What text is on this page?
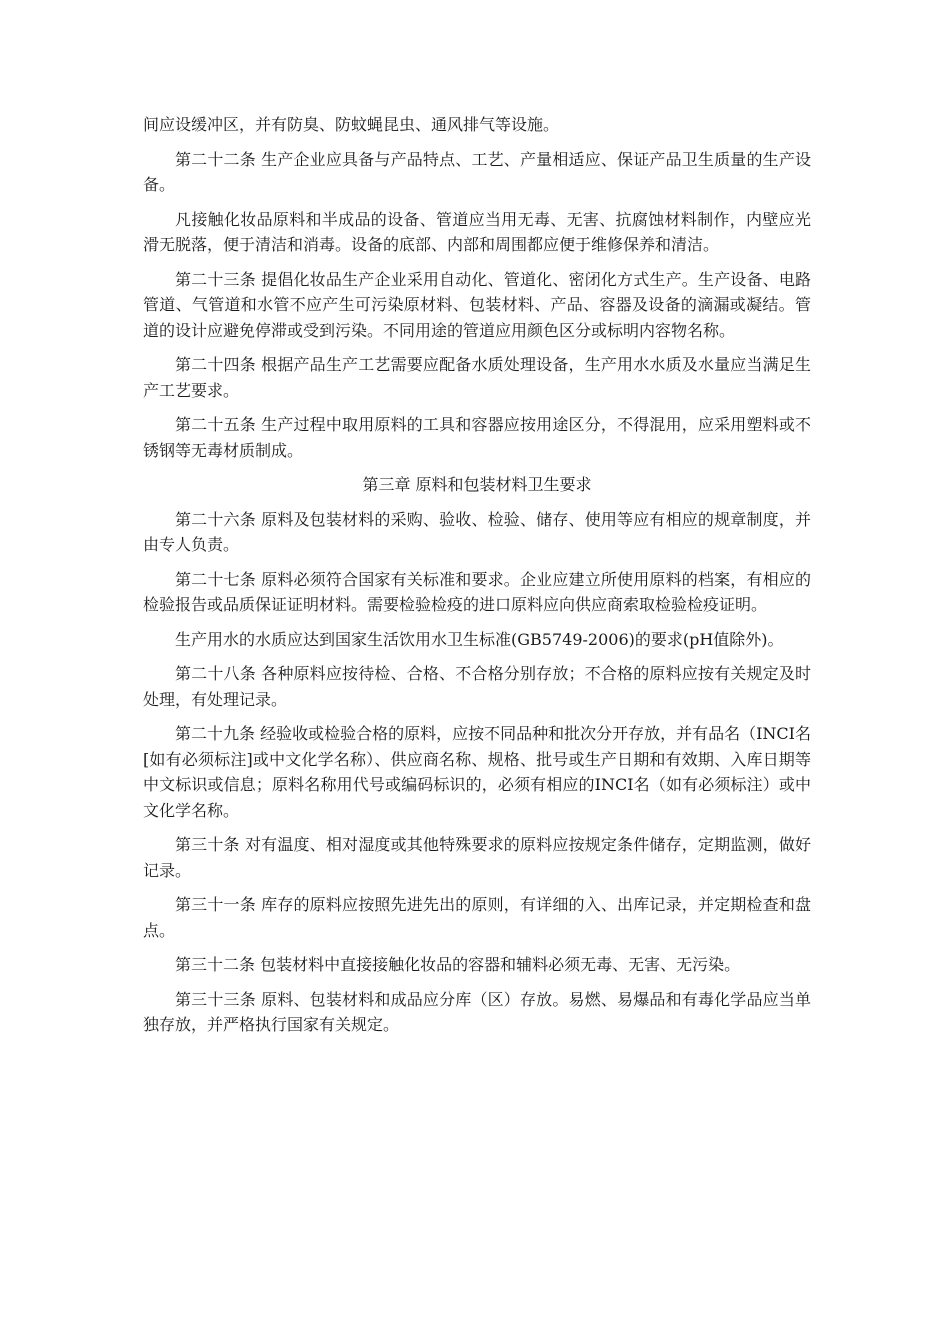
间应设缓冲区，并有防臭、防蚊蝇昆虫、通风排气等设施。

第二十二条 生产企业应具备与产品特点、工艺、产量相适应、保证产品卫生质量的生产设备。

凡接触化妆品原料和半成品的设备、管道应当用无毒、无害、抗腐蚀材料制作，内壁应光滑无脱落，便于清洁和消毒。设备的底部、内部和周围都应便于维修保养和清洁。

第二十三条 提倡化妆品生产企业采用自动化、管道化、密闭化方式生产。生产设备、电路管道、气管道和水管不应产生可污染原材料、包装材料、产品、容器及设备的滴漏或凝结。管道的设计应避免停滞或受到污染。不同用途的管道应用颜色区分或标明内容物名称。

第二十四条 根据产品生产工艺需要应配备水质处理设备，生产用水水质及水量应当满足生产工艺要求。

第二十五条 生产过程中取用原料的工具和容器应按用途区分，不得混用，应采用塑料或不锈钢等无毒材质制成。

第三章 原料和包装材料卫生要求

第二十六条 原料及包装材料的采购、验收、检验、储存、使用等应有相应的规章制度，并由专人负责。

第二十七条 原料必须符合国家有关标准和要求。企业应建立所使用原料的档案，有相应的检验报告或品质保证证明材料。需要检验检疫的进口原料应向供应商索取检验检疫证明。

生产用水的水质应达到国家生活饮用水卫生标准(GB5749-2006)的要求(pH值除外)。

第二十八条 各种原料应按待检、合格、不合格分别存放；不合格的原料应按有关规定及时处理，有处理记录。

第二十九条 经验收或检验合格的原料，应按不同品种和批次分开存放，并有品名（INCI名[如有必须标注]或中文化学名称）、供应商名称、规格、批号或生产日期和有效期、入库日期等中文标识或信息；原料名称用代号或编码标识的，必须有相应的INCI名（如有必须标注）或中文化学名称。

第三十条 对有温度、相对湿度或其他特殊要求的原料应按规定条件储存，定期监测，做好记录。

第三十一条 库存的原料应按照先进先出的原则，有详细的入、出库记录，并定期检查和盘点。

第三十二条 包装材料中直接接触化妆品的容器和辅料必须无毒、无害、无污染。

第三十三条 原料、包装材料和成品应分库（区）存放。易燃、易爆品和有毒化学品应当单独存放，并严格执行国家有关规定。
